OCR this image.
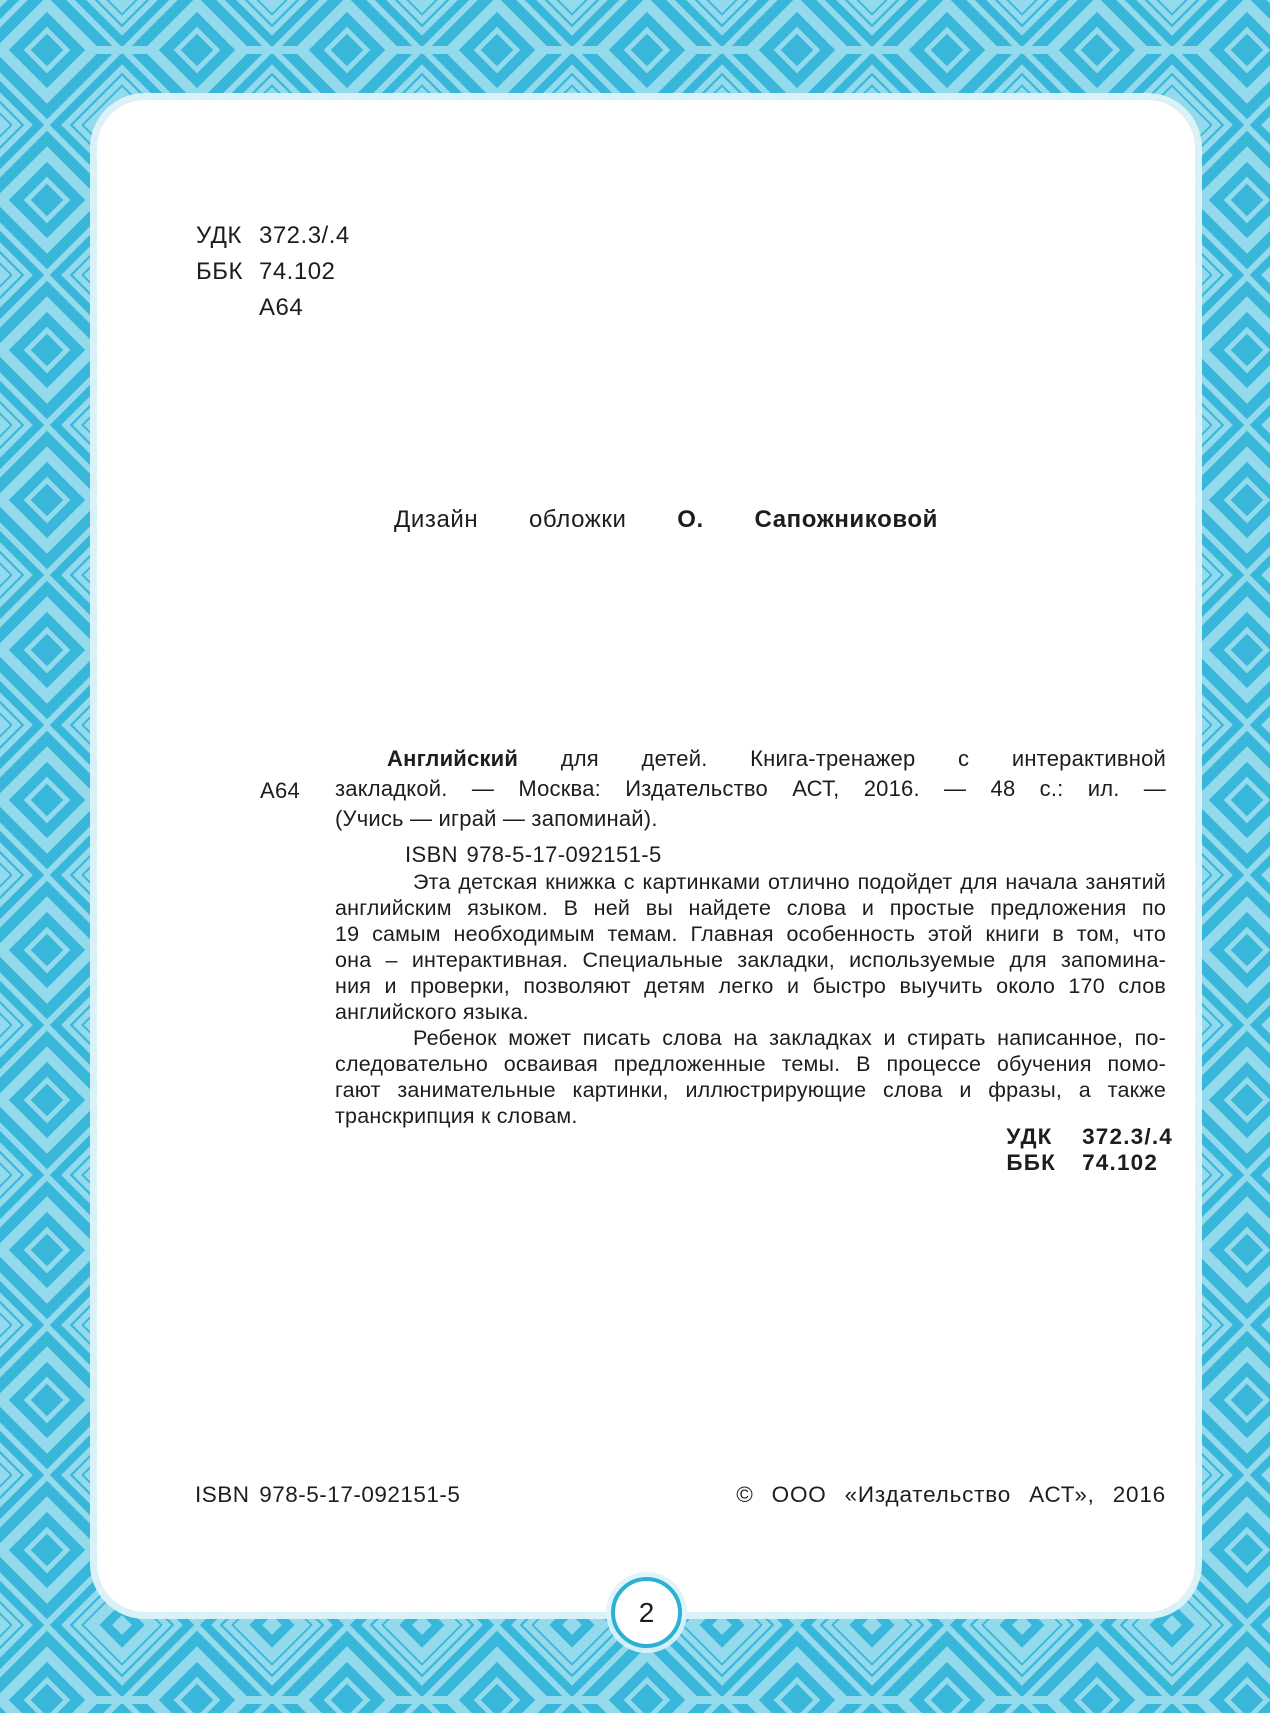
УДК 372.3/.4
ББК 74.102
А64
Дизайн обложки О. Сапожниковой
А64
Английский для детей. Книга-тренажер с интерактивной
закладкой. — Москва: Издательство АСТ, 2016. — 48 с.: ил. —
(Учись — играй — запоминай).
ISBN 978-5-17-092151-5
Эта детская книжка с картинками отлично подойдет для начала занятий
английским языком. В ней вы найдете слова и простые предложения по
19 самым необходимым темам. Главная особенность этой книги в том, что
она – интерактивная. Специальные закладки, используемые для запомина-
ния и проверки, позволяют детям легко и быстро выучить около 170 слов
английского языка.
Ребенок может писать слова на закладках и стирать написанное, по-
следовательно осваивая предложенные темы. В процессе обучения помо-
гают занимательные картинки, иллюстрирующие слова и фразы, а также
транскрипция к словам.
УДК 372.3/.4
ББК 74.102
ISBN 978-5-17-092151-5	© ООО «Издательство АСТ», 2016
2
